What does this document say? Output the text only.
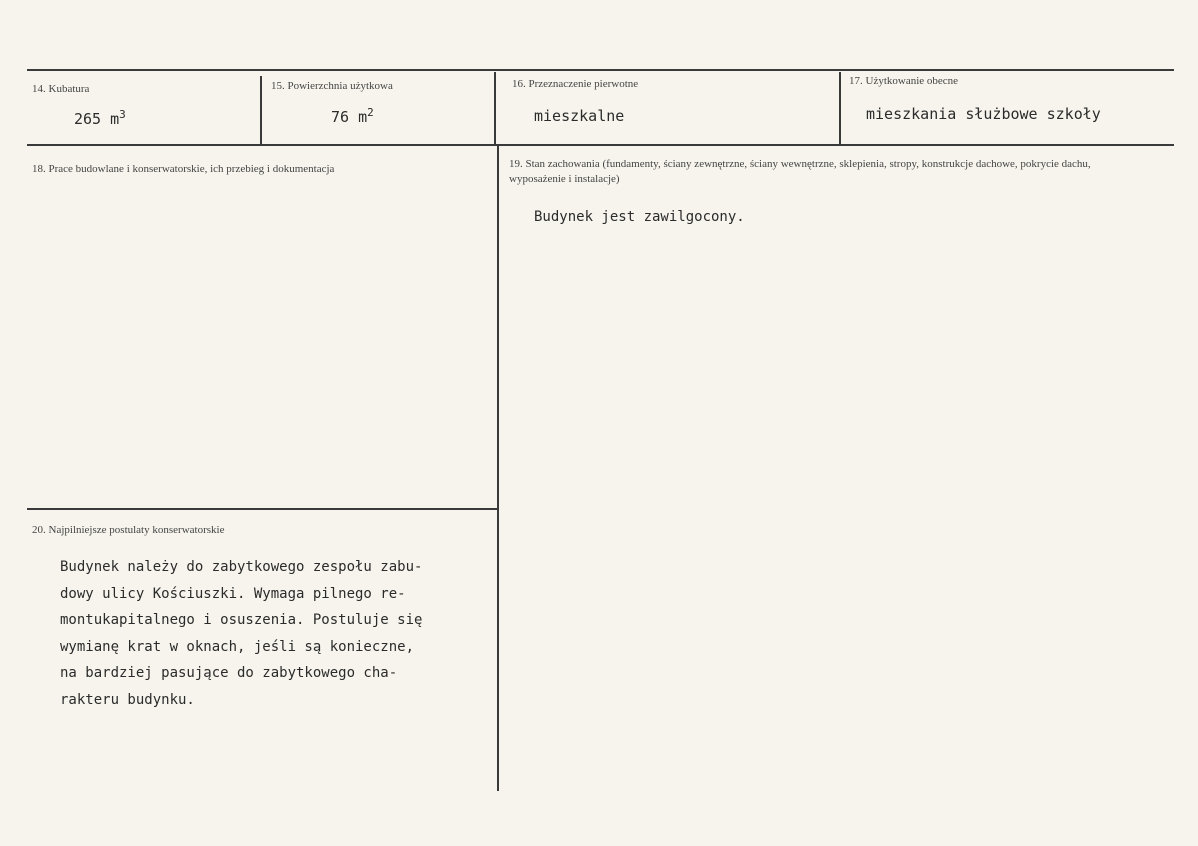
14. Kubatura
265 $m^3$
15. Powierzchnia użytkowa
76 $m^2$
16. Przeznaczenie pierwotne
mieszkalne
17. Użytkowanie obecne
mieszkania służbowe szkoły
18. Prace budowlane i konserwatorskie, ich przebieg i dokumentacja	19. Stan zachowania (fundamenty, ściany zewnętrzne, ściany wewnętrzne, sklepienia, stropy, konstrukcje dachowe, pokrycie dachu, wyposażenie i instalacje)
Budynek jest zawilgocony.
20. Najpilniejsze postulaty konserwatorskie
Budynek należy do zabytkowego zespołu zabu-
dowy ulicy Kościuszki. Wymaga pilnego re-
montukapitalnego i osuszenia. Postuluje się
wymianę krat w oknach, jeśli są konieczne,
na bardziej pasujące do zabytkowego cha-
rakteru budynku.
